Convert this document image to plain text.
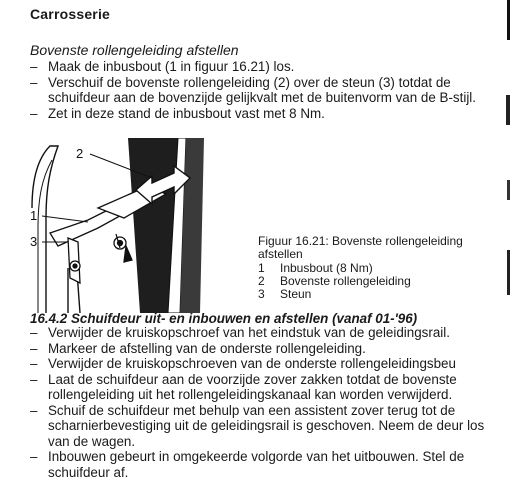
Carrosserie
Bovenste rollengeleiding afstellen
– Maak de inbusbout (1 in figuur 16.21) los.
– Verschuif de bovenste rollengeleiding (2) over de steun (3) totdat de schuifdeur aan de bovenzijde gelijkvalt met de buitenvorm van de B-stijl.
– Zet in deze stand de inbusbout vast met 8 Nm.
2
1
3	Figuur 16.21: Bovenste rollengeleiding afstellen
1	Inbusbout (8 Nm)
2	Bovenste rollengeleiding
3	Steun
16.4.2 Schuifdeur uit- en inbouwen en afstellen (vanaf 01-'96)
– Verwijder de kruiskopschroef van het eindstuk van de geleidingsrail.
– Markeer de afstelling van de onderste rollengeleiding.
– Verwijder de kruiskopschroeven van de onderste rollengeleidingsbeu
– Laat de schuifdeur aan de voorzijde zover zakken totdat de bovenste rollengeleiding uit het rollengeleidingskanaal kan worden verwijderd.
– Schuif de schuifdeur met behulp van een assistent zover terug tot de scharnierbevestiging uit de geleidingsrail is geschoven. Neem de deur los van de wagen.
– Inbouwen gebeurt in omgekeerde volgorde van het uitbouwen. Stel de schuifdeur af.
